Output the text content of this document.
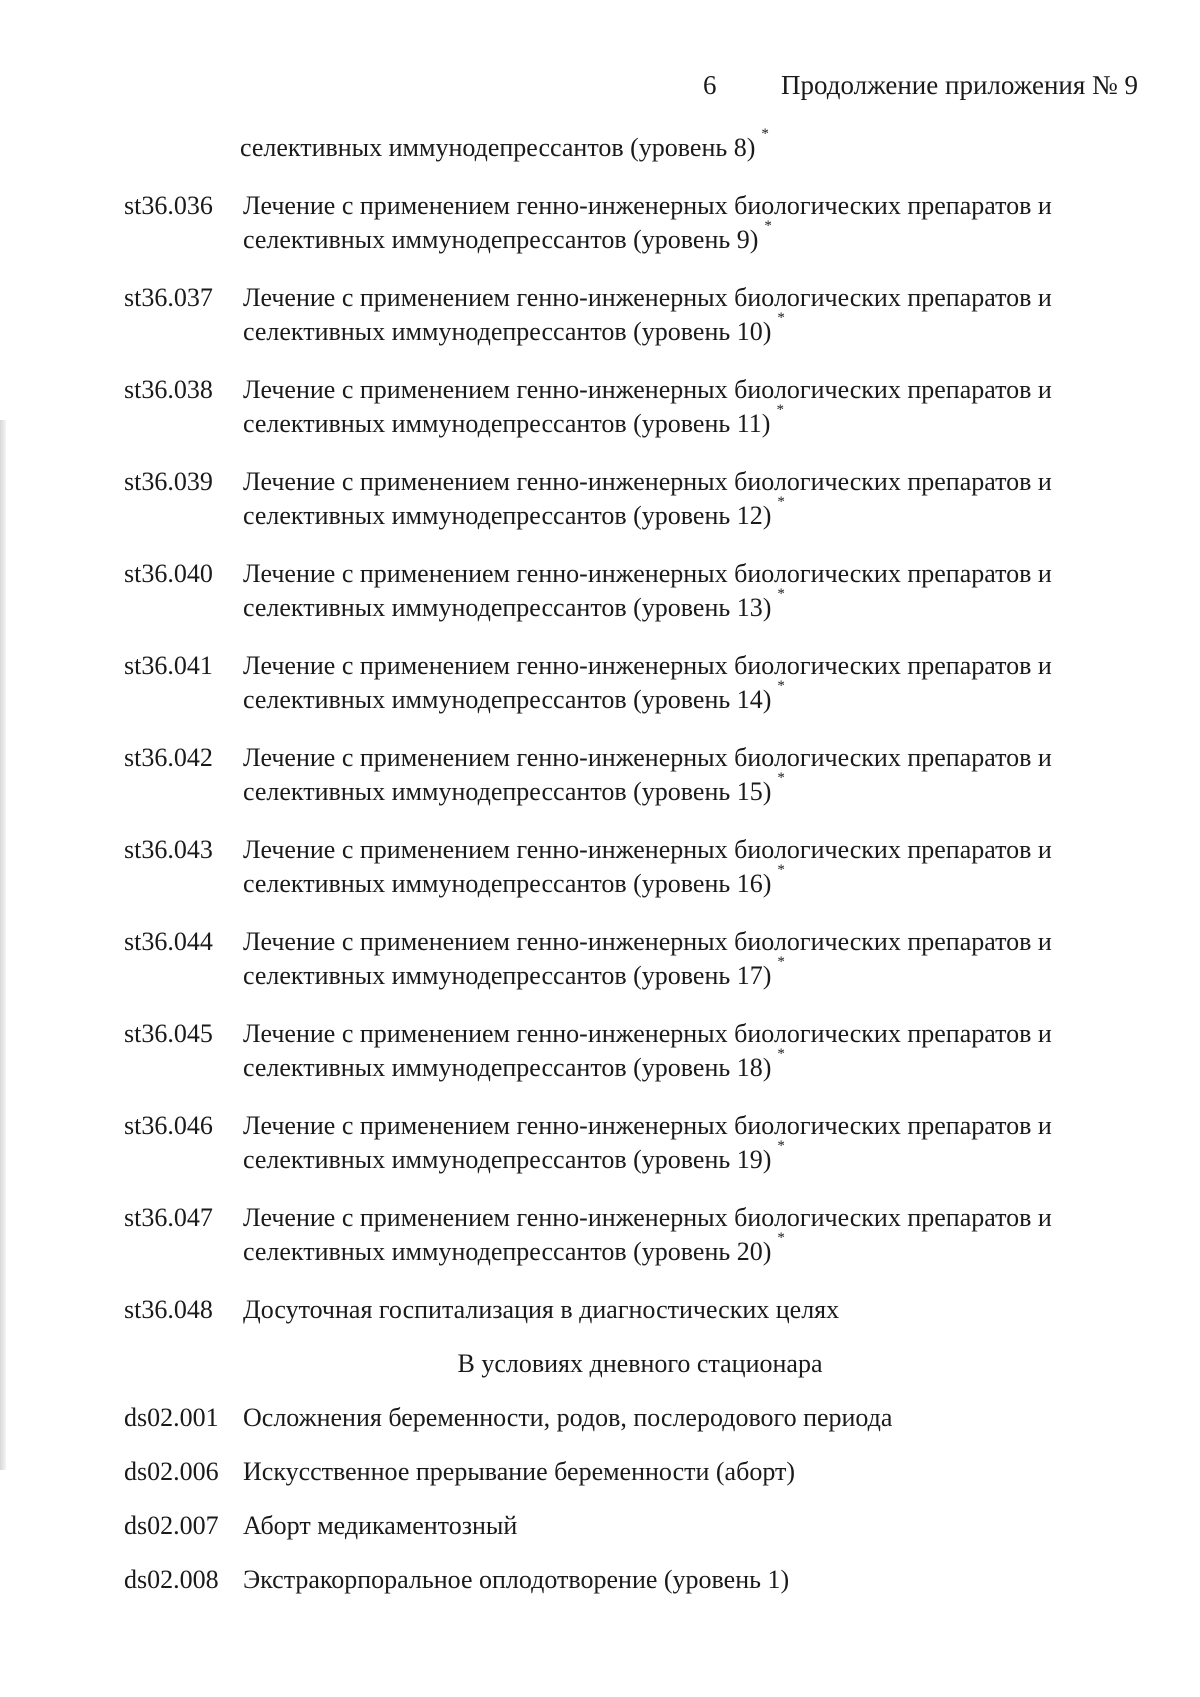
6 Продолжение приложения № 9
селективных иммунодепрессантов (уровень 8) *
st36.036	Лечение с применением генно-инженерных биологических препаратов и
селективных иммунодепрессантов (уровень 9) *
st36.037	Лечение с применением генно-инженерных биологических препаратов и
селективных иммунодепрессантов (уровень 10) *
st36.038	Лечение с применением генно-инженерных биологических препаратов и
селективных иммунодепрессантов (уровень 11) *
st36.039	Лечение с применением генно-инженерных биологических препаратов и
селективных иммунодепрессантов (уровень 12) *
st36.040	Лечение с применением генно-инженерных биологических препаратов и
селективных иммунодепрессантов (уровень 13) *
st36.041	Лечение с применением генно-инженерных биологических препаратов и
селективных иммунодепрессантов (уровень 14) *
st36.042	Лечение с применением генно-инженерных биологических препаратов и
селективных иммунодепрессантов (уровень 15) *
st36.043	Лечение с применением генно-инженерных биологических препаратов и
селективных иммунодепрессантов (уровень 16) *
st36.044	Лечение с применением генно-инженерных биологических препаратов и
селективных иммунодепрессантов (уровень 17) *
st36.045	Лечение с применением генно-инженерных биологических препаратов и
селективных иммунодепрессантов (уровень 18) *
st36.046	Лечение с применением генно-инженерных биологических препаратов и
селективных иммунодепрессантов (уровень 19) *
st36.047	Лечение с применением генно-инженерных биологических препаратов и
селективных иммунодепрессантов (уровень 20) *
st36.048	Досуточная госпитализация в диагностических целях
В условиях дневного стационара
ds02.001 Осложнения беременности, родов, послеродового периода
ds02.006 Искусственное прерывание беременности (аборт)
ds02.007 Аборт медикаментозный
ds02.008 Экстракорпоральное оплодотворение (уровень 1)
